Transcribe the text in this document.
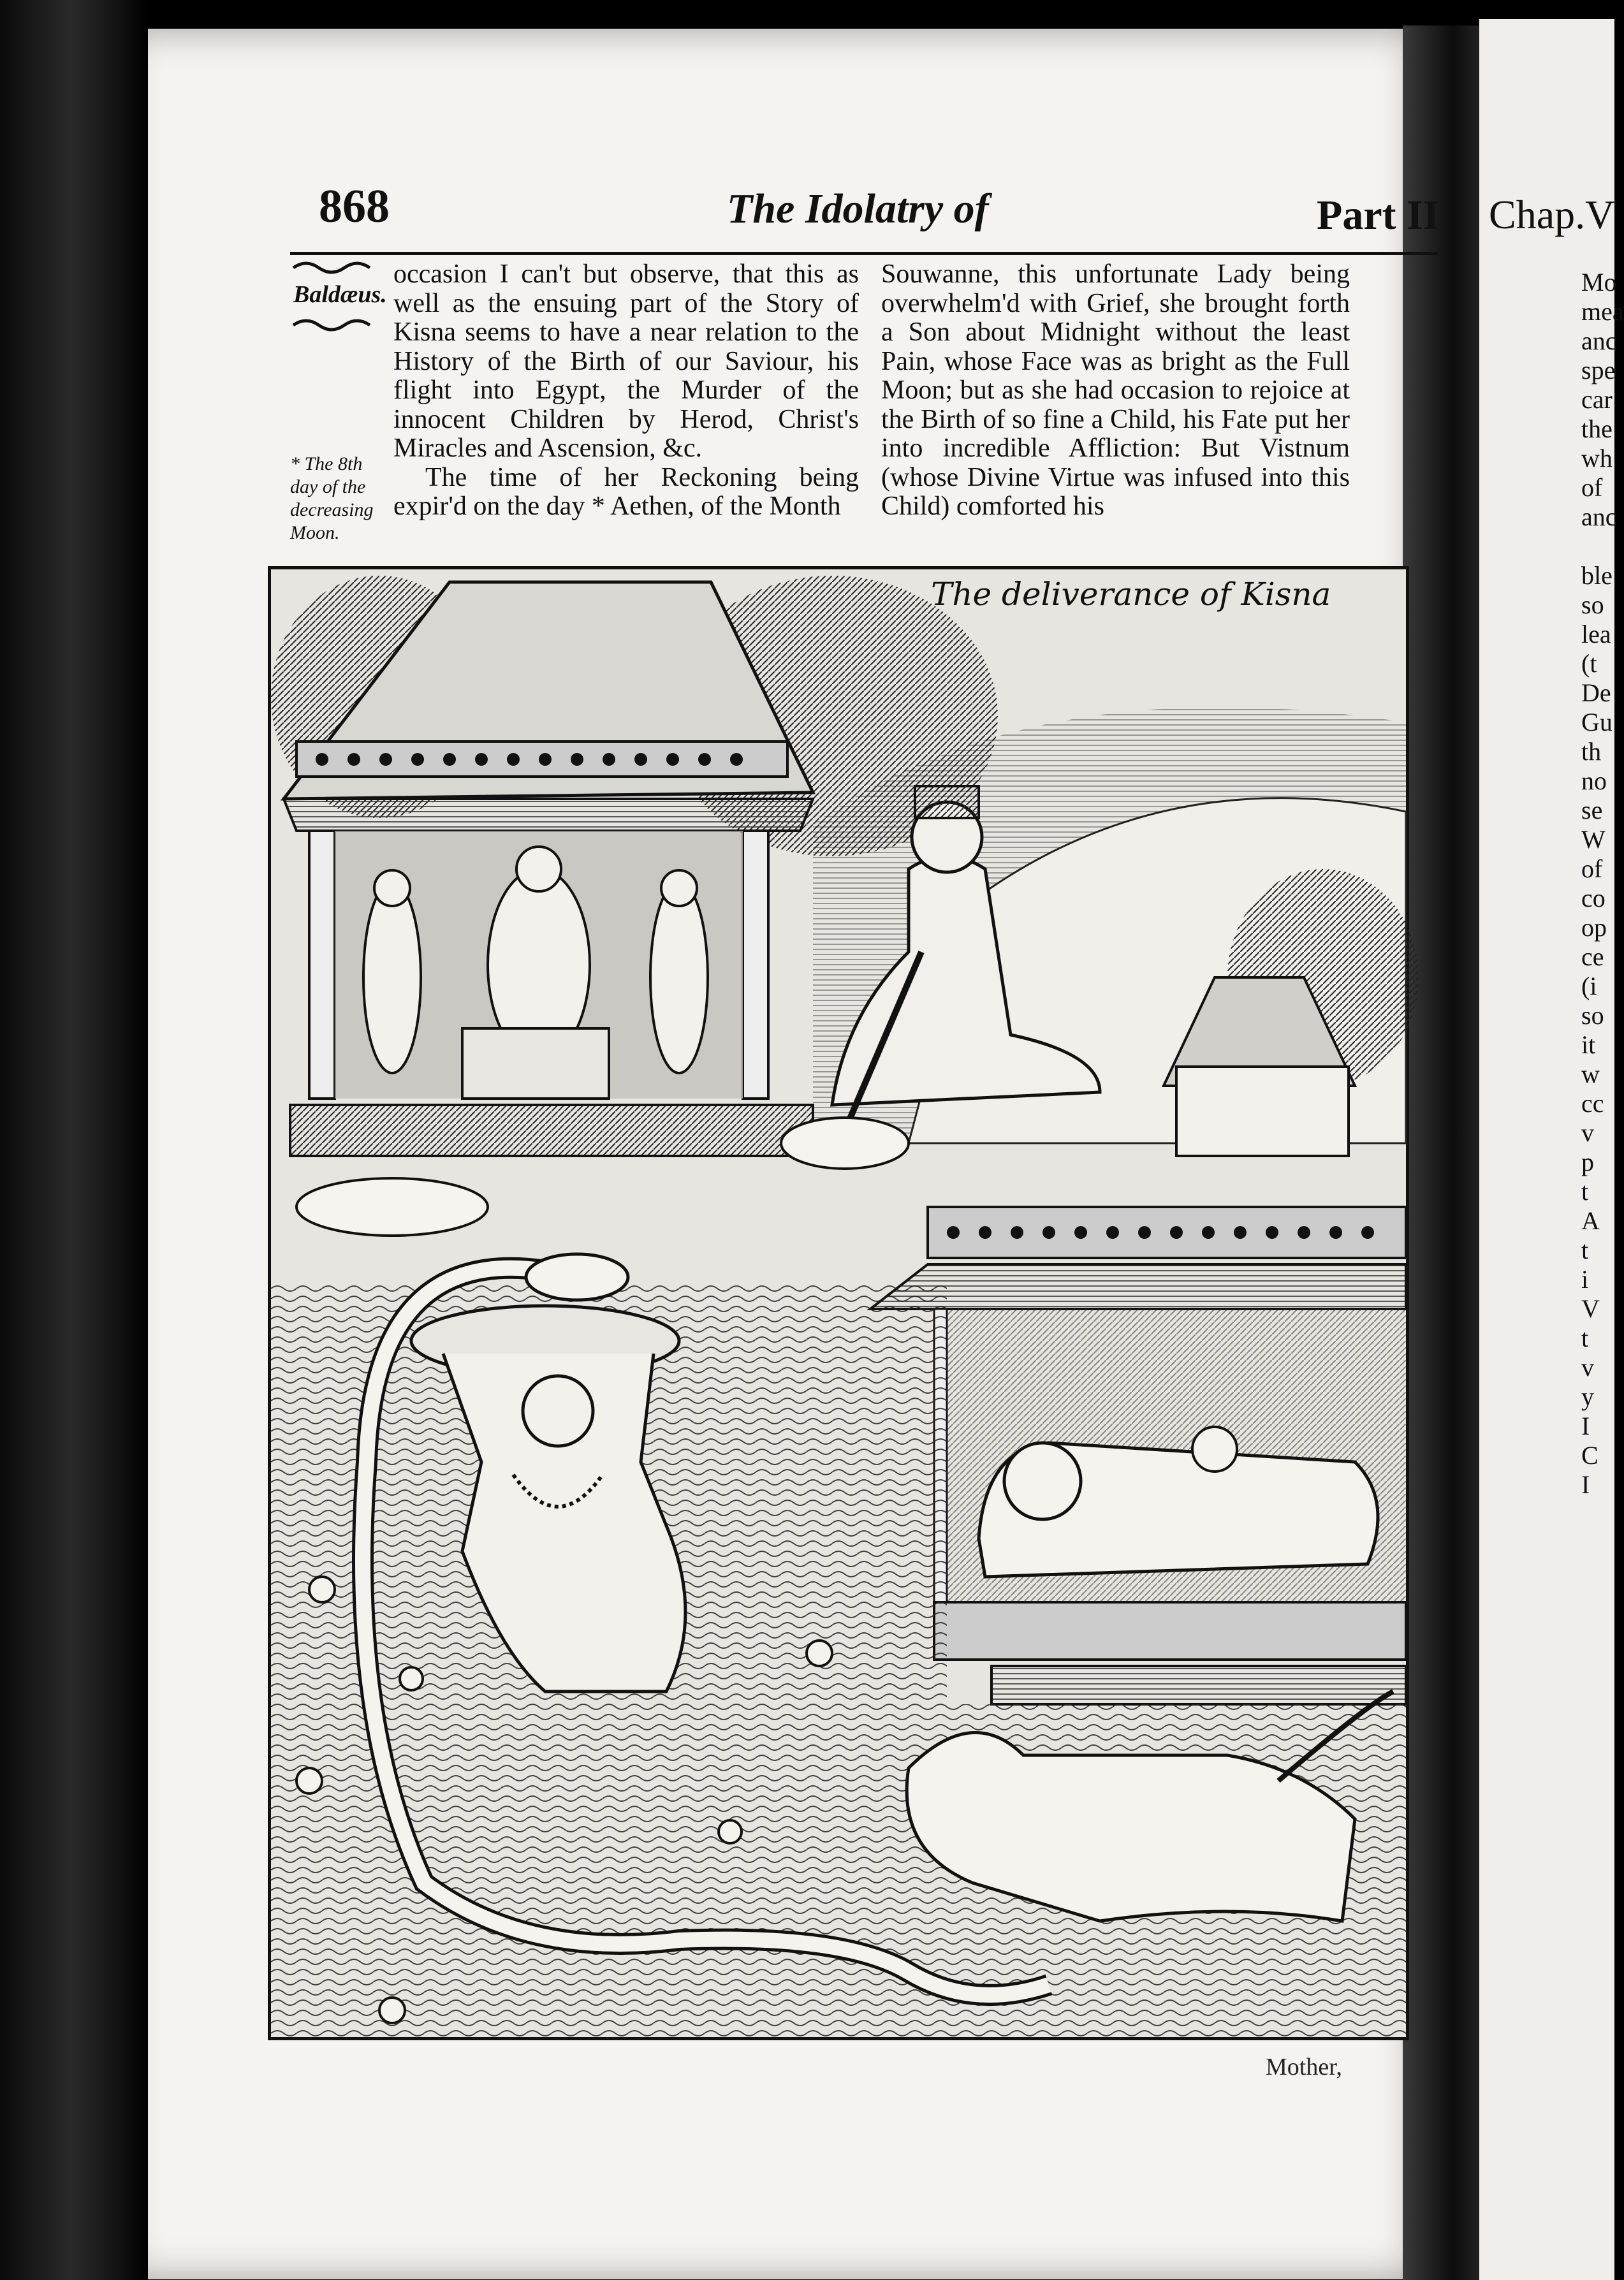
868	The Idolatry of	Part II Chap.V
Baldæus.
* The 8th day of the decreasing Moon.

occasion I can't but observe, that this as well as the ensuing part of the Story of Kisna seems to have a near relation to the History of the Birth of our Saviour, his flight into Egypt, the Murder of the innocent Children by Herod, Christ's Miracles and Ascension, &c.

The time of her Reckoning being expir'd on the day * Aethen, of the Month

Souwanne, this unfortunate Lady being overwhelm'd with Grief, she brought forth a Son about Midnight without the least Pain, whose Face was as bright as the Full Moon; but as she had occasion to rejoice at the Birth of so fine a Child, his Fate put her into incredible Affliction: But Vistnum (whose Divine Virtue was infused into this Child) comforted his

The deliverance of Kisna
Mother,
Mo
mea
anc
spe
car
the
wh
of
anc
ble
so
lea
(t
De
Gu
th
no
se
W
of
co
op
ce
(i
so
it
w
cc
v
p
t
A
t
i
V
t
v
y
I
C
I
